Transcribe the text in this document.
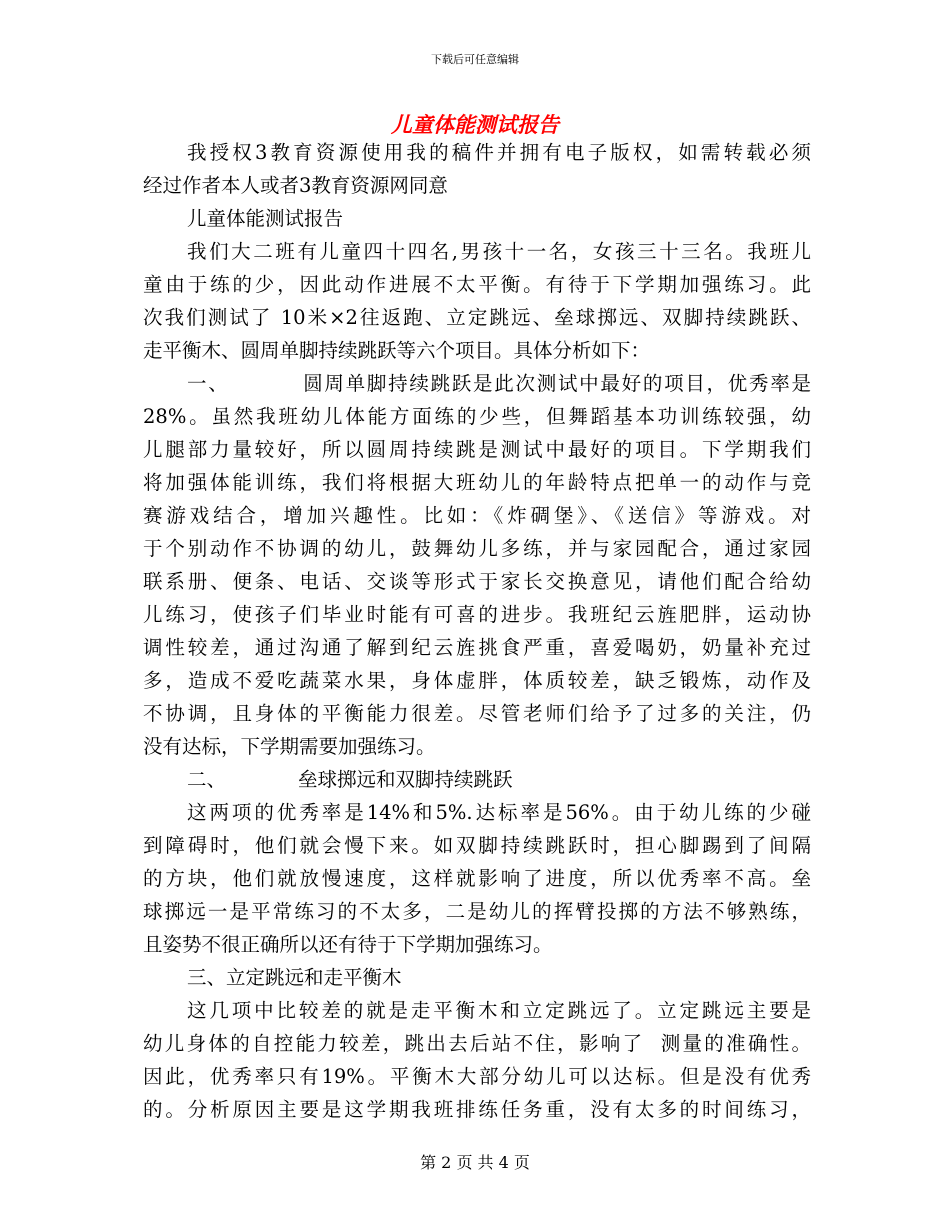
下载后可任意编辑
儿童体能测试报告
我授权3教育资源使用我的稿件并拥有电子版权，如需转载必须
经过作者本人或者3教育资源网同意
儿童体能测试报告
我们大二班有儿童四十四名,男孩十一名，女孩三十三名。我班儿
童由于练的少，因此动作进展不太平衡。有待于下学期加强练习。此
次我们测试了 10米×2往返跑、立定跳远、垒球掷远、双脚持续跳跃、
走平衡木、圆周单脚持续跳跃等六个项目。具体分析如下：
一、	圆周单脚持续跳跃是此次测试中最好的项目，优秀率是
28%。虽然我班幼儿体能方面练的少些，但舞蹈基本功训练较强，幼
儿腿部力量较好，所以圆周持续跳是测试中最好的项目。下学期我们
将加强体能训练，我们将根据大班幼儿的年龄特点把单一的动作与竞
赛游戏结合，增加兴趣性。比如：《炸碉堡》、《送信》等游戏。对
于个别动作不协调的幼儿，鼓舞幼儿多练，并与家园配合，通过家园
联系册、便条、电话、交谈等形式于家长交换意见，请他们配合给幼
儿练习，使孩子们毕业时能有可喜的进步。我班纪云旌肥胖，运动协
调性较差，通过沟通了解到纪云旌挑食严重，喜爱喝奶，奶量补充过
多，造成不爱吃蔬菜水果，身体虚胖，体质较差，缺乏锻炼，动作及
不协调，且身体的平衡能力很差。尽管老师们给予了过多的关注，仍
没有达标，下学期需要加强练习。
二、	垒球掷远和双脚持续跳跃
这两项的优秀率是14%和5%.达标率是56%。由于幼儿练的少碰
到障碍时，他们就会慢下来。如双脚持续跳跃时，担心脚踢到了间隔
的方块，他们就放慢速度，这样就影响了进度，所以优秀率不高。垒
球掷远一是平常练习的不太多，二是幼儿的挥臂投掷的方法不够熟练，
且姿势不很正确所以还有待于下学期加强练习。
三、立定跳远和走平衡木
这几项中比较差的就是走平衡木和立定跳远了。立定跳远主要是
幼儿身体的自控能力较差，跳出去后站不住，影响了 测量的准确性。
因此，优秀率只有19%。平衡木大部分幼儿可以达标。但是没有优秀
的。分析原因主要是这学期我班排练任务重，没有太多的时间练习，
第 2 页 共 4 页
